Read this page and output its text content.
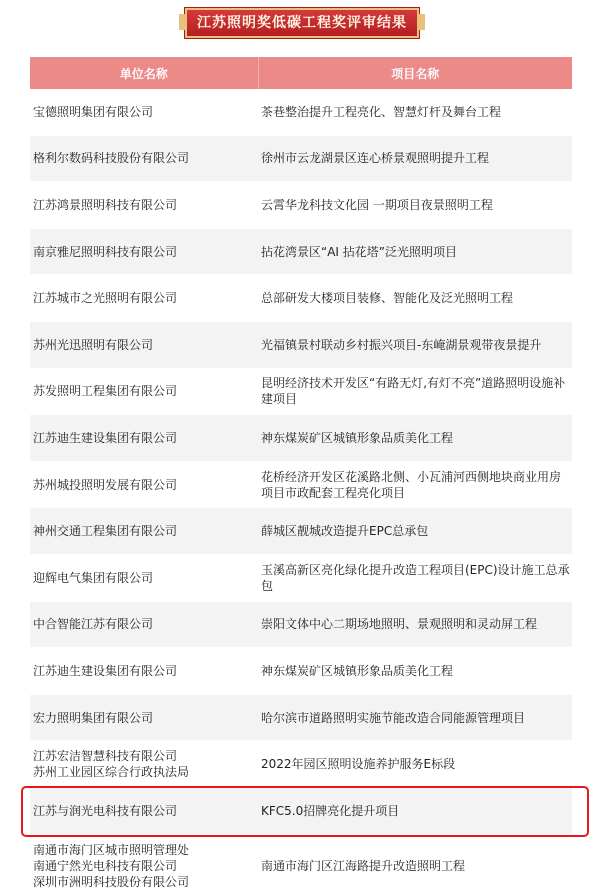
江苏照明奖低碳工程奖评审结果
单位名称	项目名称

宝德照明集团有限公司	茶巷整治提升工程亮化、智慧灯杆及舞台工程

格利尔数码科技股份有限公司	徐州市云龙湖景区连心桥景观照明提升工程

江苏鸿景照明科技有限公司	云霄华龙科技文化园 一期项目夜景照明工程

南京雅尼照明科技有限公司	拈花湾景区“AI 拈花塔”泛光照明项目

江苏城市之光照明有限公司	总部研发大楼项目装修、智能化及泛光照明工程

苏州光迅照明有限公司	光福镇景村联动乡村振兴项目-东崦湖景观带夜景提升

苏发照明工程集团有限公司	昆明经济技术开发区“有路无灯,有灯不亮”道路照明设施补建项目

江苏迪生建设集团有限公司	神东煤炭矿区城镇形象品质美化工程

苏州城投照明发展有限公司	花桥经济开发区花溪路北侧、小瓦浦河西侧地块商业用房项目市政配套工程亮化项目

神州交通工程集团有限公司	薛城区靓城改造提升EPC总承包

迎辉电气集团有限公司	玉溪高新区亮化绿化提升改造工程项目(EPC)设计施工总承包

中合智能江苏有限公司	崇阳文体中心二期场地照明、景观照明和灵动屏工程

江苏迪生建设集团有限公司	神东煤炭矿区城镇形象品质美化工程

宏力照明集团有限公司	哈尔滨市道路照明实施节能改造合同能源管理项目

江苏宏洁智慧科技有限公司
苏州工业园区综合行政执法局	2022年园区照明设施养护服务E标段

江苏与润光电科技有限公司	KFC5.0招牌亮化提升项目

南通市海门区城市照明管理处
南通宁然光电科技有限公司
深圳市洲明科技股份有限公司	南通市海门区江海路提升改造照明工程
